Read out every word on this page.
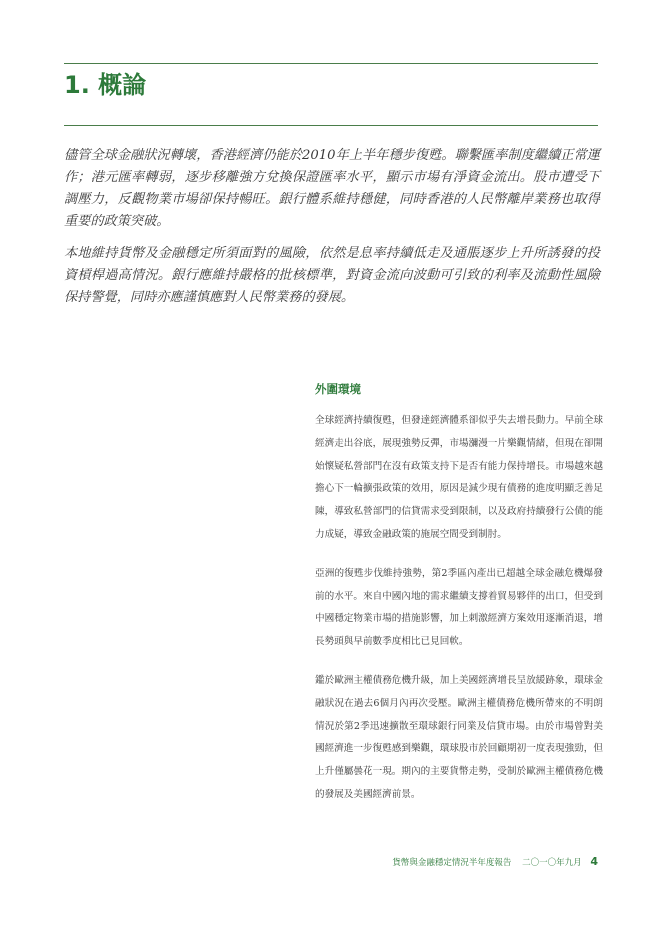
1. 概論

儘管全球金融狀況轉壞，香港經濟仍能於2010年上半年穩步復甦。聯繫匯率制度繼續正常運作；港元匯率轉弱，逐步移離強方兌換保證匯率水平，顯示市場有淨資金流出。股市遭受下調壓力，反觀物業市場卻保持暢旺。銀行體系維持穩健，同時香港的人民幣離岸業務也取得重要的政策突破。

本地維持貨幣及金融穩定所須面對的風險，依然是息率持續低走及通脹逐步上升所誘發的投資槓桿過高情況。銀行應維持嚴格的批核標準，對資金流向波動可引致的利率及流動性風險保持警覺，同時亦應謹慎應對人民幣業務的發展。

外圍環境

全球經濟持續復甦，但發達經濟體系卻似乎失去增長動力。早前全球經濟走出谷底，展現強勢反彈，市場瀰漫一片樂觀情緒，但現在卻開始懷疑私營部門在沒有政策支持下是否有能力保持增長。市場越來越擔心下一輪擴張政策的效用，原因是減少現有債務的進度明顯乏善足陳，導致私營部門的信貸需求受到限制，以及政府持續發行公債的能力成疑，導致金融政策的施展空間受到制肘。

亞洲的復甦步伐維持強勢，第2季區內產出已超越全球金融危機爆發前的水平。來自中國內地的需求繼續支撐着貿易夥伴的出口，但受到中國穩定物業市場的措施影響，加上刺激經濟方案效用逐漸消退，增長勢頭與早前數季度相比已見回軟。

鑑於歐洲主權債務危機升級，加上美國經濟增長呈放緩跡象，環球金融狀況在過去6個月內再次受壓。歐洲主權債務危機所帶來的不明朗情況於第2季迅速擴散至環球銀行同業及信貸市場。由於市場曾對美國經濟進一步復甦感到樂觀，環球股市於回顧期初一度表現強勁，但上升僅屬曇花一現。期內的主要貨幣走勢，受制於歐洲主權債務危機的發展及美國經濟前景。

貨幣與金融穩定情況半年度報告 二〇一〇年九月 4
